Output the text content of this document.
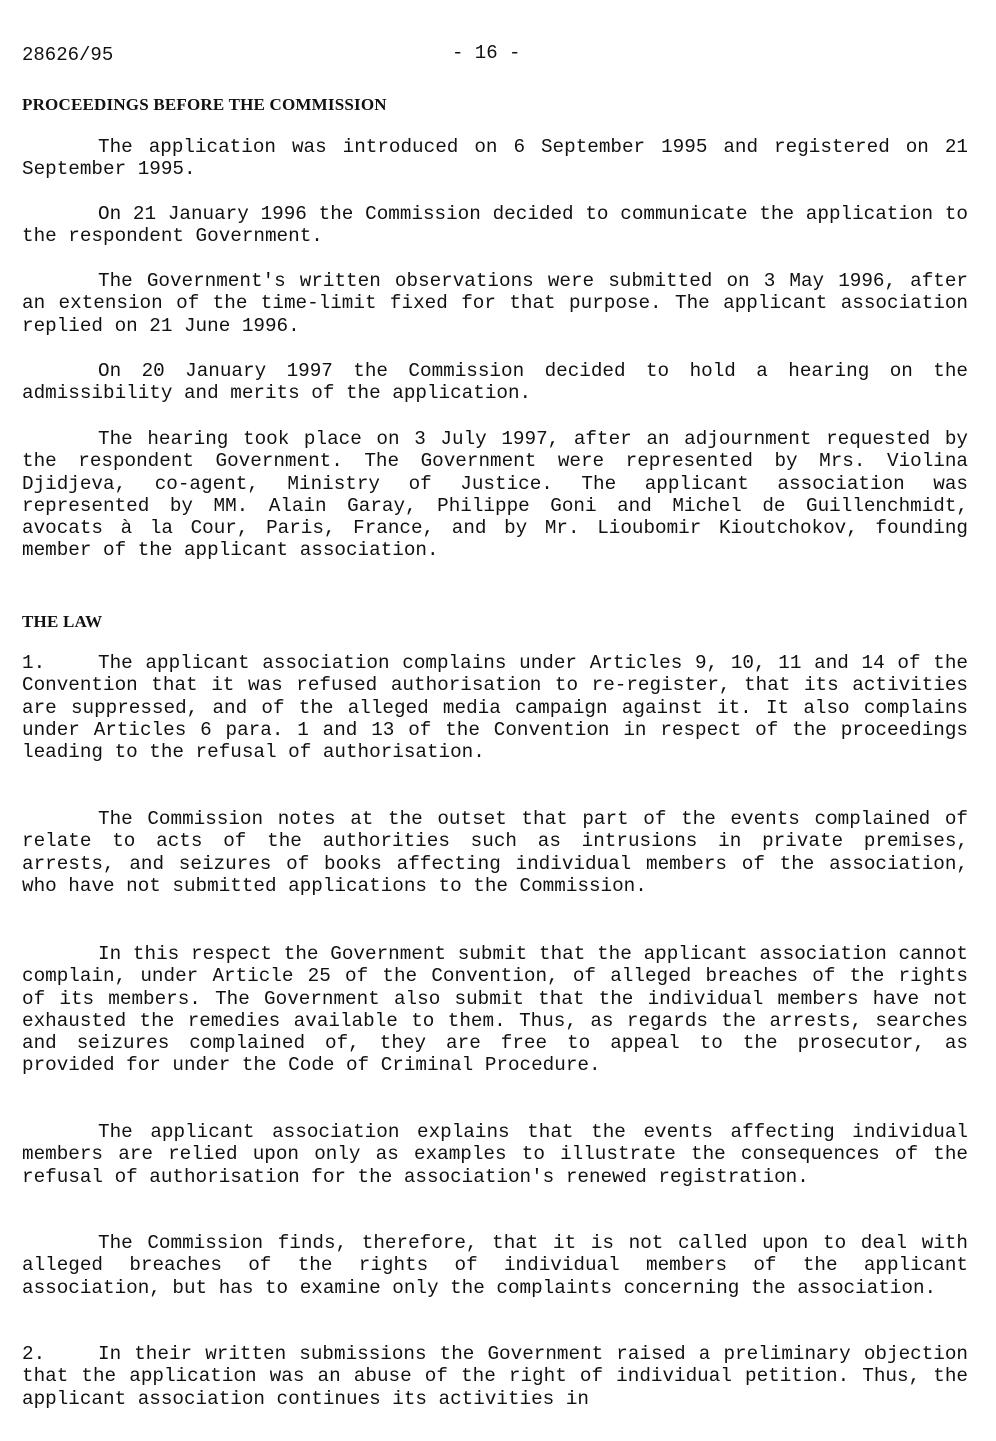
28626/95	- 16 -
PROCEEDINGS BEFORE THE COMMISSION

The application was introduced on 6 September 1995 and registered on 21 September 1995.

On 21 January 1996 the Commission decided to communicate the application to the respondent Government.

The Government's written observations were submitted on 3 May 1996, after an extension of the time-limit fixed for that purpose. The applicant association replied on 21 June 1996.

On 20 January 1997 the Commission decided to hold a hearing on the admissibility and merits of the application.

The hearing took place on 3 July 1997, after an adjournment requested by the respondent Government. The Government were represented by Mrs. Violina Djidjeva, co-agent, Ministry of Justice. The applicant association was represented by MM. Alain Garay, Philippe Goni and Michel de Guillenchmidt, avocats à la Cour, Paris, France, and by Mr. Lioubomir Kioutchokov, founding member of the applicant association.

THE LAW

1.	The applicant association complains under Articles 9, 10, 11 and 14 of the Convention that it was refused authorisation to re-register, that its activities are suppressed, and of the alleged media campaign against it. It also complains under Articles 6 para. 1 and 13 of the Convention in respect of the proceedings leading to the refusal of authorisation.

The Commission notes at the outset that part of the events complained of relate to acts of the authorities such as intrusions in private premises, arrests, and seizures of books affecting individual members of the association, who have not submitted applications to the Commission.

In this respect the Government submit that the applicant association cannot complain, under Article 25 of the Convention, of alleged breaches of the rights of its members. The Government also submit that the individual members have not exhausted the remedies available to them. Thus, as regards the arrests, searches and seizures complained of, they are free to appeal to the prosecutor, as provided for under the Code of Criminal Procedure.

The applicant association explains that the events affecting individual members are relied upon only as examples to illustrate the consequences of the refusal of authorisation for the association's renewed registration.

The Commission finds, therefore, that it is not called upon to deal with alleged breaches of the rights of individual members of the applicant association, but has to examine only the complaints concerning the association.

2.	In their written submissions the Government raised a preliminary objection that the application was an abuse of the right of individual petition. Thus, the applicant association continues its activities in
